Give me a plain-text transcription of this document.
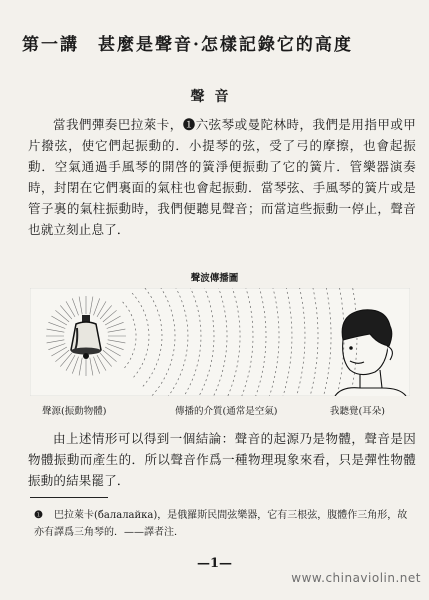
第一講　甚麼是聲音·怎樣記錄它的高度
聲音
當我們彈奏巴拉萊卡，❶六弦琴或曼陀林時，我們是用指甲或甲片撥弦，使它們起振動的．小提琴的弦，受了弓的摩擦，也會起振動．空氣通過手風琴的開啓的簧淨便振動了它的簧片．管樂器演奏時，封閉在它們裏面的氣柱也會起振動．當琴弦、手風琴的簧片或是管子裏的氣柱振動時，我們便聽見聲音；而當這些振動一停止，聲音也就立刻止息了．
聲波傳播圖
聲源(振動物體)	傳播的介質(通常是空氣)	我聽覺(耳朵)
由上述情形可以得到一個結論：聲音的起源乃是物體，聲音是因物體振動而產生的．所以聲音作爲一種物理現象來看，只是彈性物體振動的結果罷了．
❶ 巴拉萊卡(балалайка)，是俄羅斯民間弦樂器，它有三根弦，腹體作三角形，故亦有譯爲三角琴的．——譯者注．
—1—
www.chinaviolin.net
